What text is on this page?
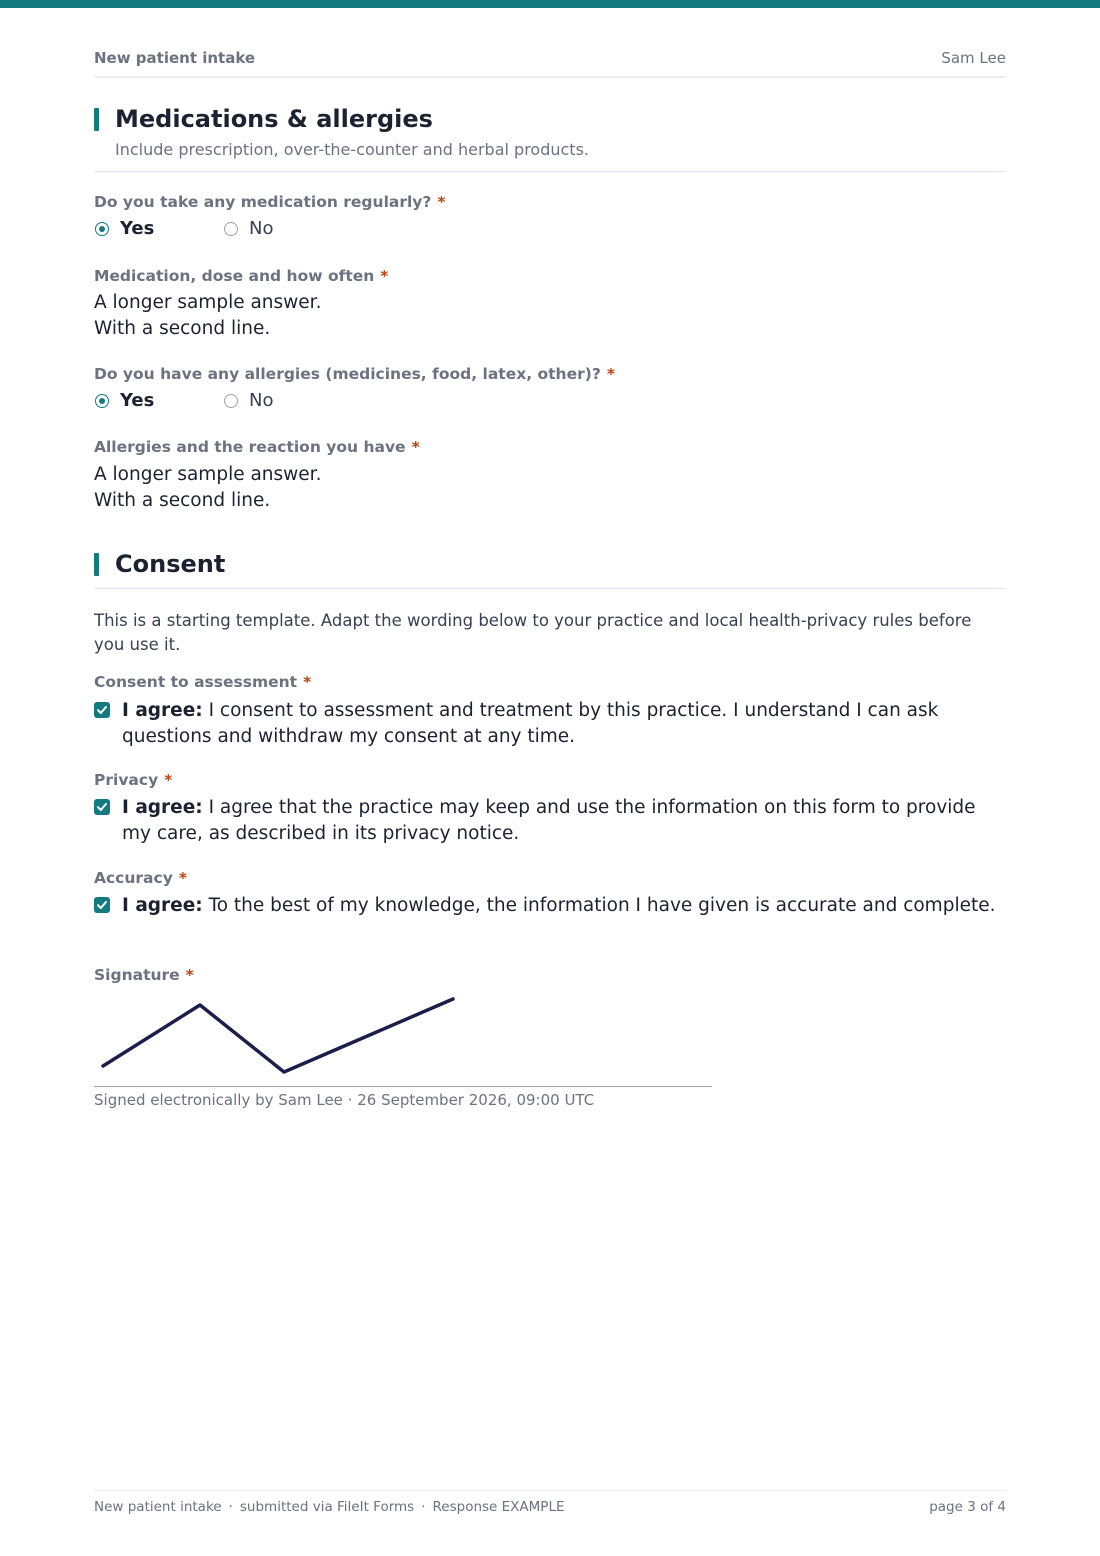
New patient intake	Sam Lee
Medications & allergies
Include prescription, over-the-counter and herbal products.
Do you take any medication regularly? *
Yes	No
Medication, dose and how often *
A longer sample answer.
With a second line.
Do you have any allergies (medicines, food, latex, other)? *
Yes	No
Allergies and the reaction you have *
A longer sample answer.
With a second line.
Consent
This is a starting template. Adapt the wording below to your practice and local health-privacy rules before you use it.
Consent to assessment *
I agree: I consent to assessment and treatment by this practice. I understand I can ask questions and withdraw my consent at any time.
Privacy *
I agree: I agree that the practice may keep and use the information on this form to provide my care, as described in its privacy notice.
Accuracy *
I agree: To the best of my knowledge, the information I have given is accurate and complete.
Signature *
Signed electronically by Sam Lee · 26 September 2026, 09:00 UTC
New patient intake · submitted via FileIt Forms · Response EXAMPLE	page 3 of 4
